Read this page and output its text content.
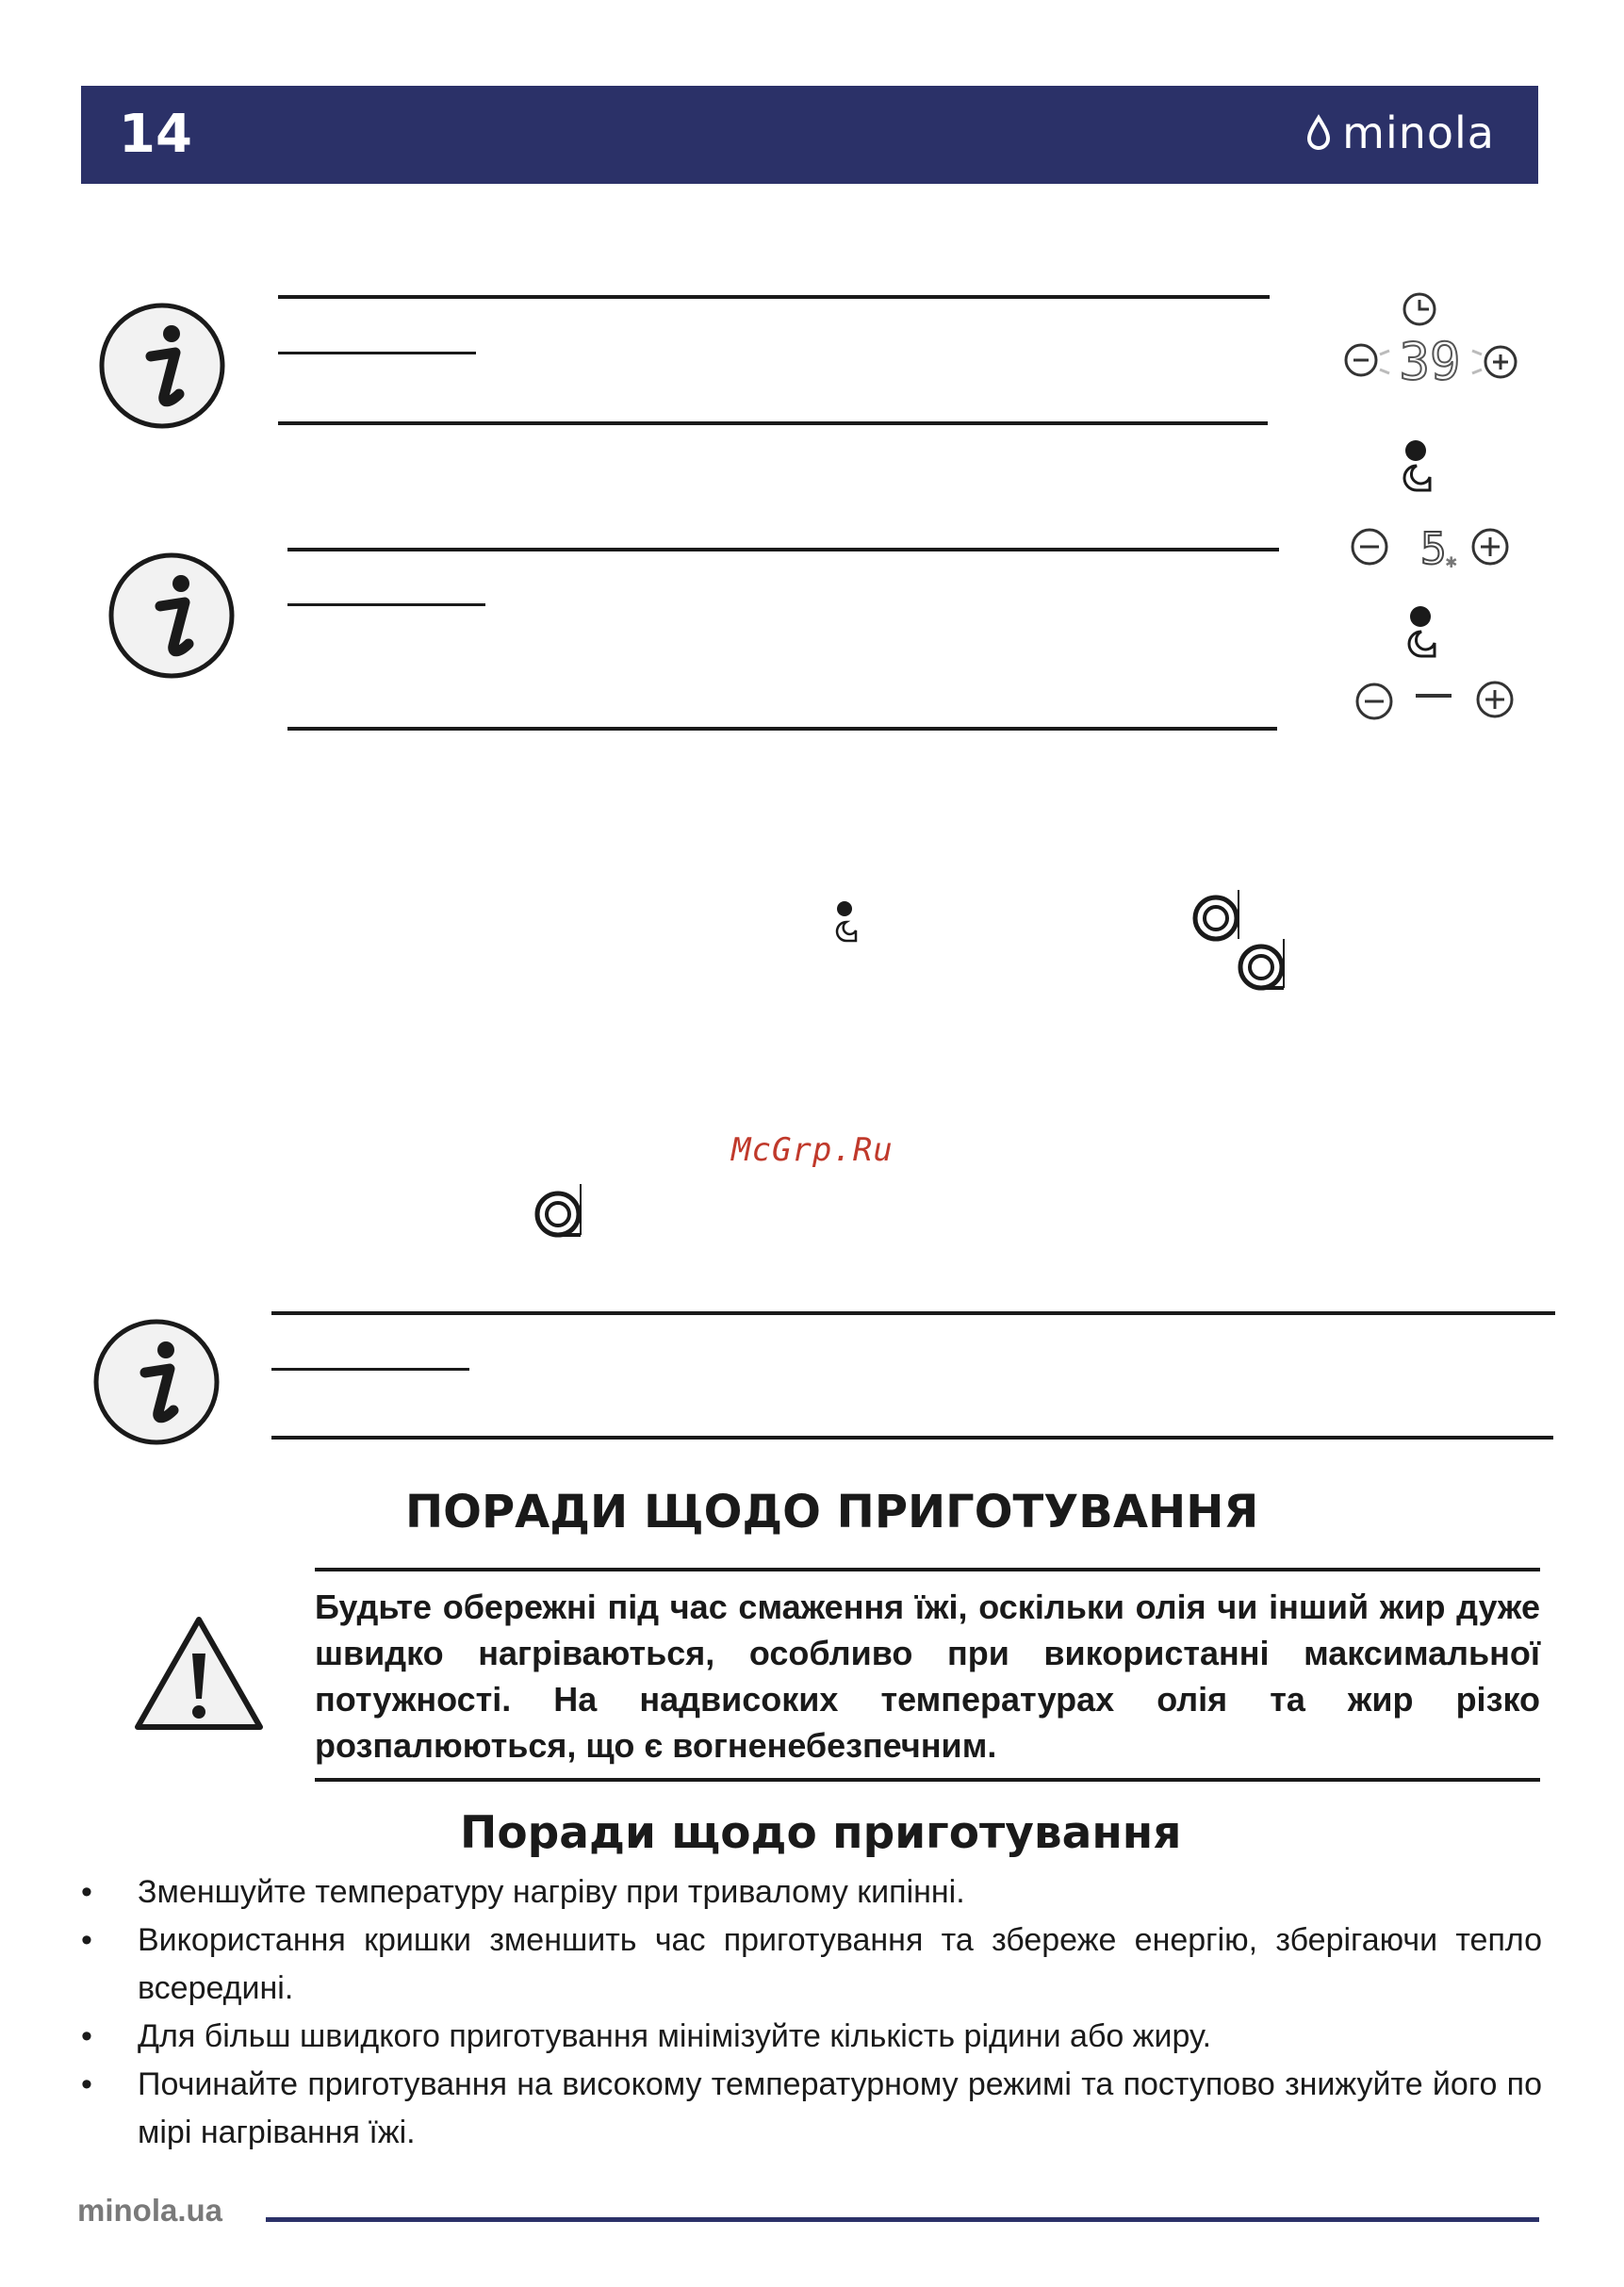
14	minola
39
5
✱
McGrp.Ru
ПОРАДИ ЩОДО ПРИГОТУВАННЯ
Будьте обережні під час смаження їжі, оскільки олія чи інший жир дуже швидко нагріваються, особливо при використанні максимальної потужності. На надвисоких температурах олія та жир різко розпалюються, що є вогненебезпечним.
Поради щодо приготування
•	Зменшуйте температуру нагріву при тривалому кипінні.
•	Використання кришки зменшить час приготування та збереже енергію, зберігаючи тепло всередині.
•	Для більш швидкого приготування мінімізуйте кількість рідини або жиру.
•	Починайте приготування на високому температурному режимі та поступово знижуйте його по мірі нагрівання їжі.
minola.ua
